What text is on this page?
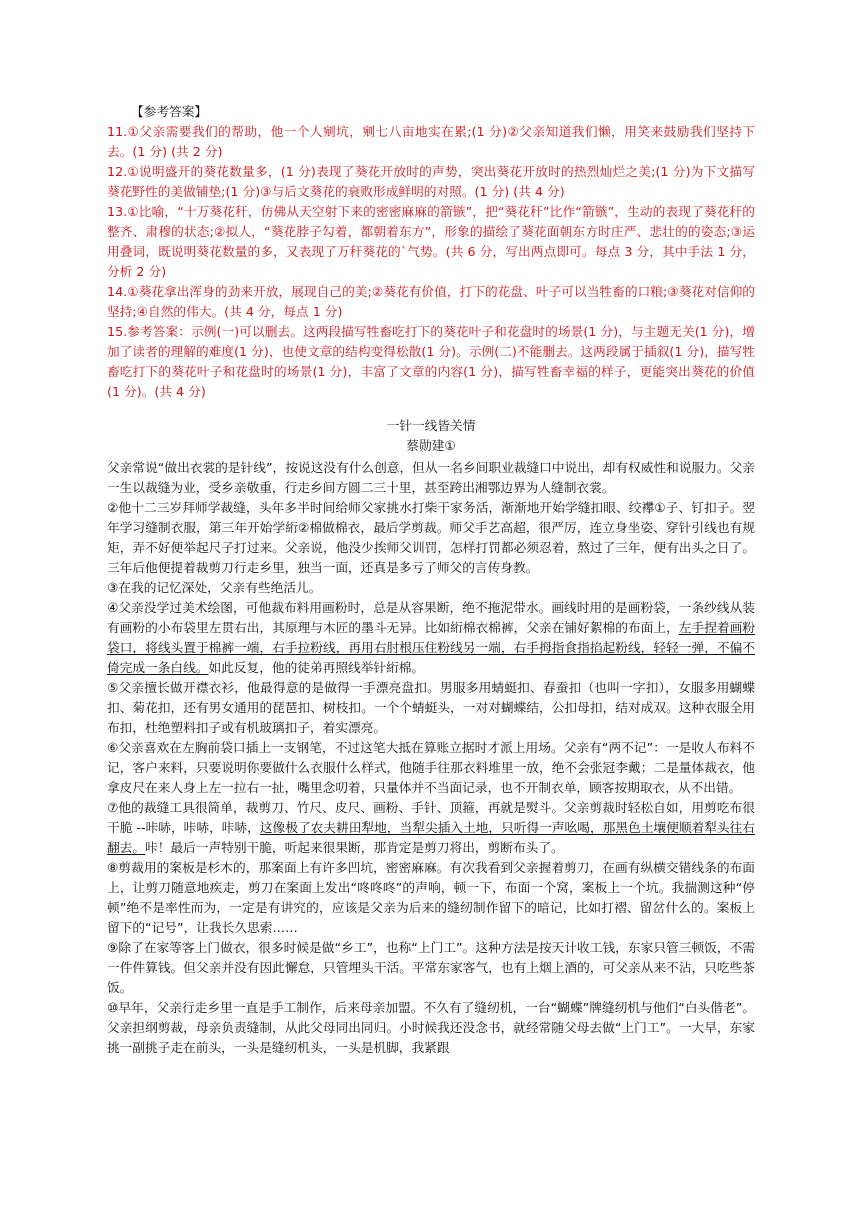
【参考答案】

11.①父亲需要我们的帮助，他一个人剜坑，剜七八亩地实在累;(1 分)②父亲知道我们懒，用笑来鼓励我们坚持下去。(1 分) (共 2 分)

12.①说明盛开的葵花数量多，(1 分)表现了葵花开放时的声势，突出葵花开放时的热烈灿烂之美;(1 分)为下文描写葵花野性的美做铺垫;(1 分)③与后文葵花的衰败形成鲜明的对照。(1 分) (共 4 分)

13.①比喻，“十万葵花秆，仿佛从天空射下来的密密麻麻的箭镞”，把“葵花秆”比作“箭镞”，生动的表现了葵花秆的整齐、肃穆的状态;②拟人，“葵花脖子勾着，都朝着东方”，形象的描绘了葵花面朝东方时庄严、悲壮的的姿态;③运用叠词，既说明葵花数量的多，又表现了万秆葵花的`气势。(共 6 分，写出两点即可。每点 3 分，其中手法 1 分，分析 2 分)

14.①葵花拿出浑身的劲来开放，展现自己的美;②葵花有价值，打下的花盘、叶子可以当牲畜的口粮;③葵花对信仰的坚持;④自然的伟大。(共 4 分，每点 1 分)

15.参考答案：示例(一)可以删去。这两段描写牲畜吃打下的葵花叶子和花盘时的场景(1 分)，与主题无关(1 分)，增加了读者的理解的难度(1 分)，也使文章的结构变得松散(1 分)。示例(二)不能删去。这两段属于插叙(1 分)，描写牲畜吃打下的葵花叶子和花盘时的场景(1 分)，丰富了文章的内容(1 分)，描写牲畜幸福的样子，更能突出葵花的价值(1 分)。(共 4 分)

一针一线皆关情
蔡勋建①

父亲常说“做出衣裳的是针线”，按说这没有什么创意，但从一名乡间职业裁缝口中说出，却有权威性和说服力。父亲一生以裁缝为业，受乡亲敬重，行走乡间方圆二三十里，甚至跨出湘鄂边界为人缝制衣裳。

②他十二三岁拜师学裁缝，头年多半时间给师父家挑水打柴干家务活，渐渐地开始学缝扣眼、绞襻①子、钉扣子。翌年学习缝制衣服，第三年开始学絎②棉做棉衣，最后学剪裁。师父手艺高超，很严厉，连立身坐姿、穿针引线也有规矩，弄不好便举起尺子打过来。父亲说，他没少挨师父训罚，怎样打罚都必须忍着，熬过了三年，便有出头之日了。三年后他便提着裁剪刀行走乡里，独当一面，还真是多亏了师父的言传身教。

③在我的记忆深处，父亲有些绝活儿。

④父亲没学过美术绘图，可他裁布料用画粉时，总是从容果断，绝不拖泥带水。画线时用的是画粉袋，一条纱线从装有画粉的小布袋里左贯右出，其原理与木匠的墨斗无异。比如絎棉衣棉裤，父亲在铺好絮棉的布面上，左手捏着画粉袋口，将线头置于棉裤一端，右手拉粉线，再用右肘根压住粉线另一端，右手拇指食指掐起粉线，轻轻一弹，不偏不倚完成一条白线。如此反复，他的徒弟再照线举针絎棉。

⑤父亲擅长做开襟衣衫，他最得意的是做得一手漂亮盘扣。男服多用蜻蜓扣、春蚕扣（也叫一字扣），女服多用蝴蝶扣、菊花扣，还有男女通用的琵琶扣、树枝扣。一个个蜻蜓头，一对对蝴蝶结，公扣母扣，结对成双。这种衣服全用布扣，杜绝塑料扣子或有机玻璃扣子，着实漂亮。

⑥父亲喜欢在左胸前袋口插上一支钢笔，不过这笔大抵在算账立据时才派上用场。父亲有“两不记”：一是收人布料不记，客户来料，只要说明你要做什么衣服什么样式，他随手往那衣料堆里一放，绝不会张冠李戴；二是量体裁衣，他拿皮尺在来人身上左一拉右一扯，嘴里念叨着，只量体并不当面记录，也不开制衣单，顾客按期取衣，从不出错。

⑦他的裁缝工具很简单，裁剪刀、竹尺、皮尺、画粉、手针、顶箍，再就是熨斗。父亲剪裁时轻松自如，用剪吃布很干脆 --咔哧，咔哧，咔哧，这像极了农夫耕田犁地，当犁尖插入土地，只听得一声吆喝，那黑色土壤便顺着犁头往右翻去。咔！最后一声特别干脆，听起来很果断，那肯定是剪刀将出，剪断布头了。

⑧剪裁用的案板是杉木的，那案面上有许多凹坑，密密麻麻。有次我看到父亲握着剪刀，在画有纵横交错线条的布面上，让剪刀随意地疾走，剪刀在案面上发出“咚咚咚”的声响，顿一下，布面一个窝，案板上一个坑。我揣测这种“停顿”绝不是率性而为，一定是有讲究的，应该是父亲为后来的缝纫制作留下的暗记，比如打褶、留岔什么的。案板上留下的“记号”，让我长久思索……

⑨除了在家等客上门做衣，很多时候是做“乡工”，也称“上门工”。这种方法是按天计收工钱，东家只管三顿饭，不需一件件算钱。但父亲并没有因此懈怠，只管埋头干活。平常东家客气，也有上烟上酒的，可父亲从来不沾，只吃些茶饭。

⑩早年，父亲行走乡里一直是手工制作，后来母亲加盟。不久有了缝纫机，一台“蝴蝶”牌缝纫机与他们“白头偕老”。父亲担纲剪裁，母亲负责缝制，从此父母同出同归。小时候我还没念书，就经常随父母去做“上门工”。一大早，东家挑一副挑子走在前头，一头是缝纫机头，一头是机脚，我紧跟
